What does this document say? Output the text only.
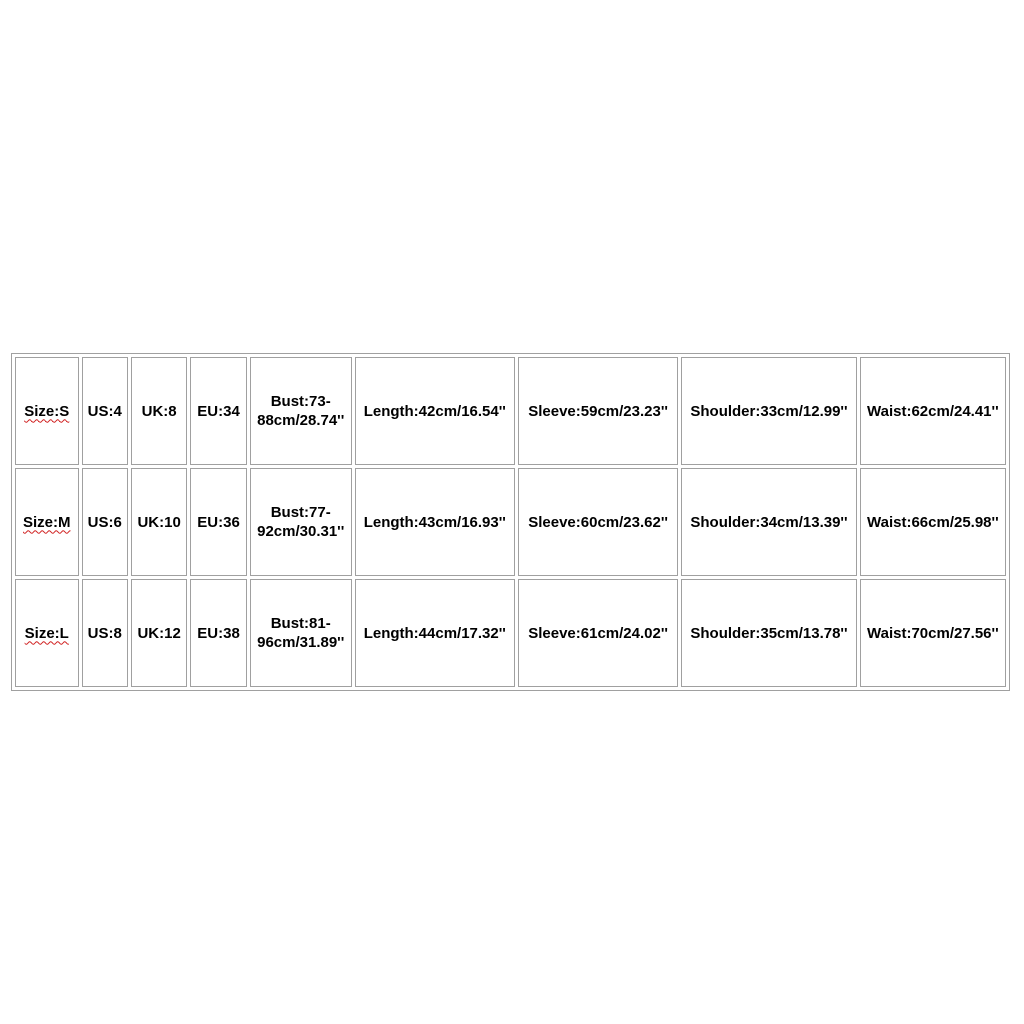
Size:S	US:4	UK:8	EU:34	Bust:73-
88cm/28.74''	Length:42cm/16.54''	Sleeve:59cm/23.23''	Shoulder:33cm/12.99''	Waist:62cm/24.41''
Size:M	US:6	UK:10	EU:36	Bust:77-
92cm/30.31''	Length:43cm/16.93''	Sleeve:60cm/23.62''	Shoulder:34cm/13.39''	Waist:66cm/25.98''
Size:L	US:8	UK:12	EU:38	Bust:81-
96cm/31.89''	Length:44cm/17.32''	Sleeve:61cm/24.02''	Shoulder:35cm/13.78''	Waist:70cm/27.56''
